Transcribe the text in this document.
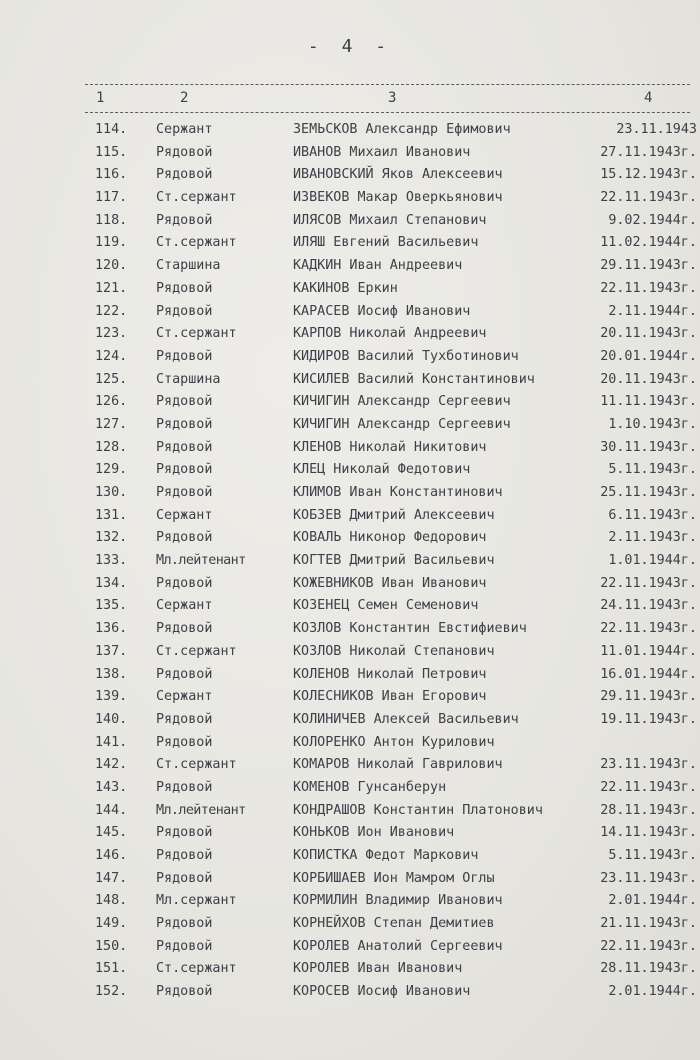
- 4 -
1	2	3	4
114.	Сержант	ЗЕМЬСКОВ Александр Ефимович	23.11.1943
115.	Рядовой	ИВАНОВ Михаил Иванович	27.11.1943г.
116.	Рядовой	ИВАНОВСКИЙ Яков Алексеевич	15.12.1943г.
117.	Ст.сержант	ИЗВЕКОВ Макар Оверкьянович	22.11.1943г.
118.	Рядовой	ИЛЯСОВ Михаил Степанович	9.02.1944г.
119.	Ст.сержант	ИЛЯШ Евгений Васильевич	11.02.1944г.
120.	Старшина	КАДКИН Иван Андреевич	29.11.1943г.
121.	Рядовой	КАКИНОВ Еркин	22.11.1943г.
122.	Рядовой	КАРАСЕВ Иосиф Иванович	2.11.1944г.
123.	Ст.сержант	КАРПОВ Николай Андреевич	20.11.1943г.
124.	Рядовой	КИДИРОВ Василий Тухботинович	20.01.1944г.
125.	Старшина	КИСИЛЕВ Василий Константинович	20.11.1943г.
126.	Рядовой	КИЧИГИН Александр Сергеевич	11.11.1943г.
127.	Рядовой	КИЧИГИН Александр Сергеевич	1.10.1943г.
128.	Рядовой	КЛЕНОВ Николай Никитович	30.11.1943г.
129.	Рядовой	КЛЕЦ Николай Федотович	5.11.1943г.
130.	Рядовой	КЛИМОВ Иван Константинович	25.11.1943г.
131.	Сержант	КОБЗЕВ Дмитрий Алексеевич	6.11.1943г.
132.	Рядовой	КОВАЛЬ Никонор Федорович	2.11.1943г.
133.	Мл.лейтенант	КОГТЕВ Дмитрий Васильевич	1.01.1944г.
134.	Рядовой	КОЖЕВНИКОВ Иван Иванович	22.11.1943г.
135.	Сержант	КОЗЕНЕЦ Семен Семенович	24.11.1943г.
136.	Рядовой	КОЗЛОВ Константин Евстифиевич	22.11.1943г.
137.	Ст.сержант	КОЗЛОВ Николай Степанович	11.01.1944г.
138.	Рядовой	КОЛЕНОВ Николай Петрович	16.01.1944г.
139.	Сержант	КОЛЕСНИКОВ Иван Егорович	29.11.1943г.
140.	Рядовой	КОЛИНИЧЕВ Алексей Васильевич	19.11.1943г.
141.	Рядовой	КОЛОРЕНКО Антон Курилович
142.	Ст.сержант	КОМАРОВ Николай Гаврилович	23.11.1943г.
143.	Рядовой	КОМЕНОВ Гунсанберун	22.11.1943г.
144.	Мл.лейтенант	КОНДРАШОВ Константин Платонович	28.11.1943г.
145.	Рядовой	КОНЬКОВ Ион Иванович	14.11.1943г.
146.	Рядовой	КОПИСТКА Федот Маркович	5.11.1943г.
147.	Рядовой	КОРБИШАЕВ Ион Мамром Оглы	23.11.1943г.
148.	Мл.сержант	КОРМИЛИН Владимир Иванович	2.01.1944г.
149.	Рядовой	КОРНЕЙХОВ Степан Демитиев	21.11.1943г.
150.	Рядовой	КОРОЛЕВ Анатолий Сергеевич	22.11.1943г.
151.	Ст.сержант	КОРОЛЕВ Иван Иванович	28.11.1943г.
152.	Рядовой	КОРОСЕВ Иосиф Иванович	2.01.1944г.
